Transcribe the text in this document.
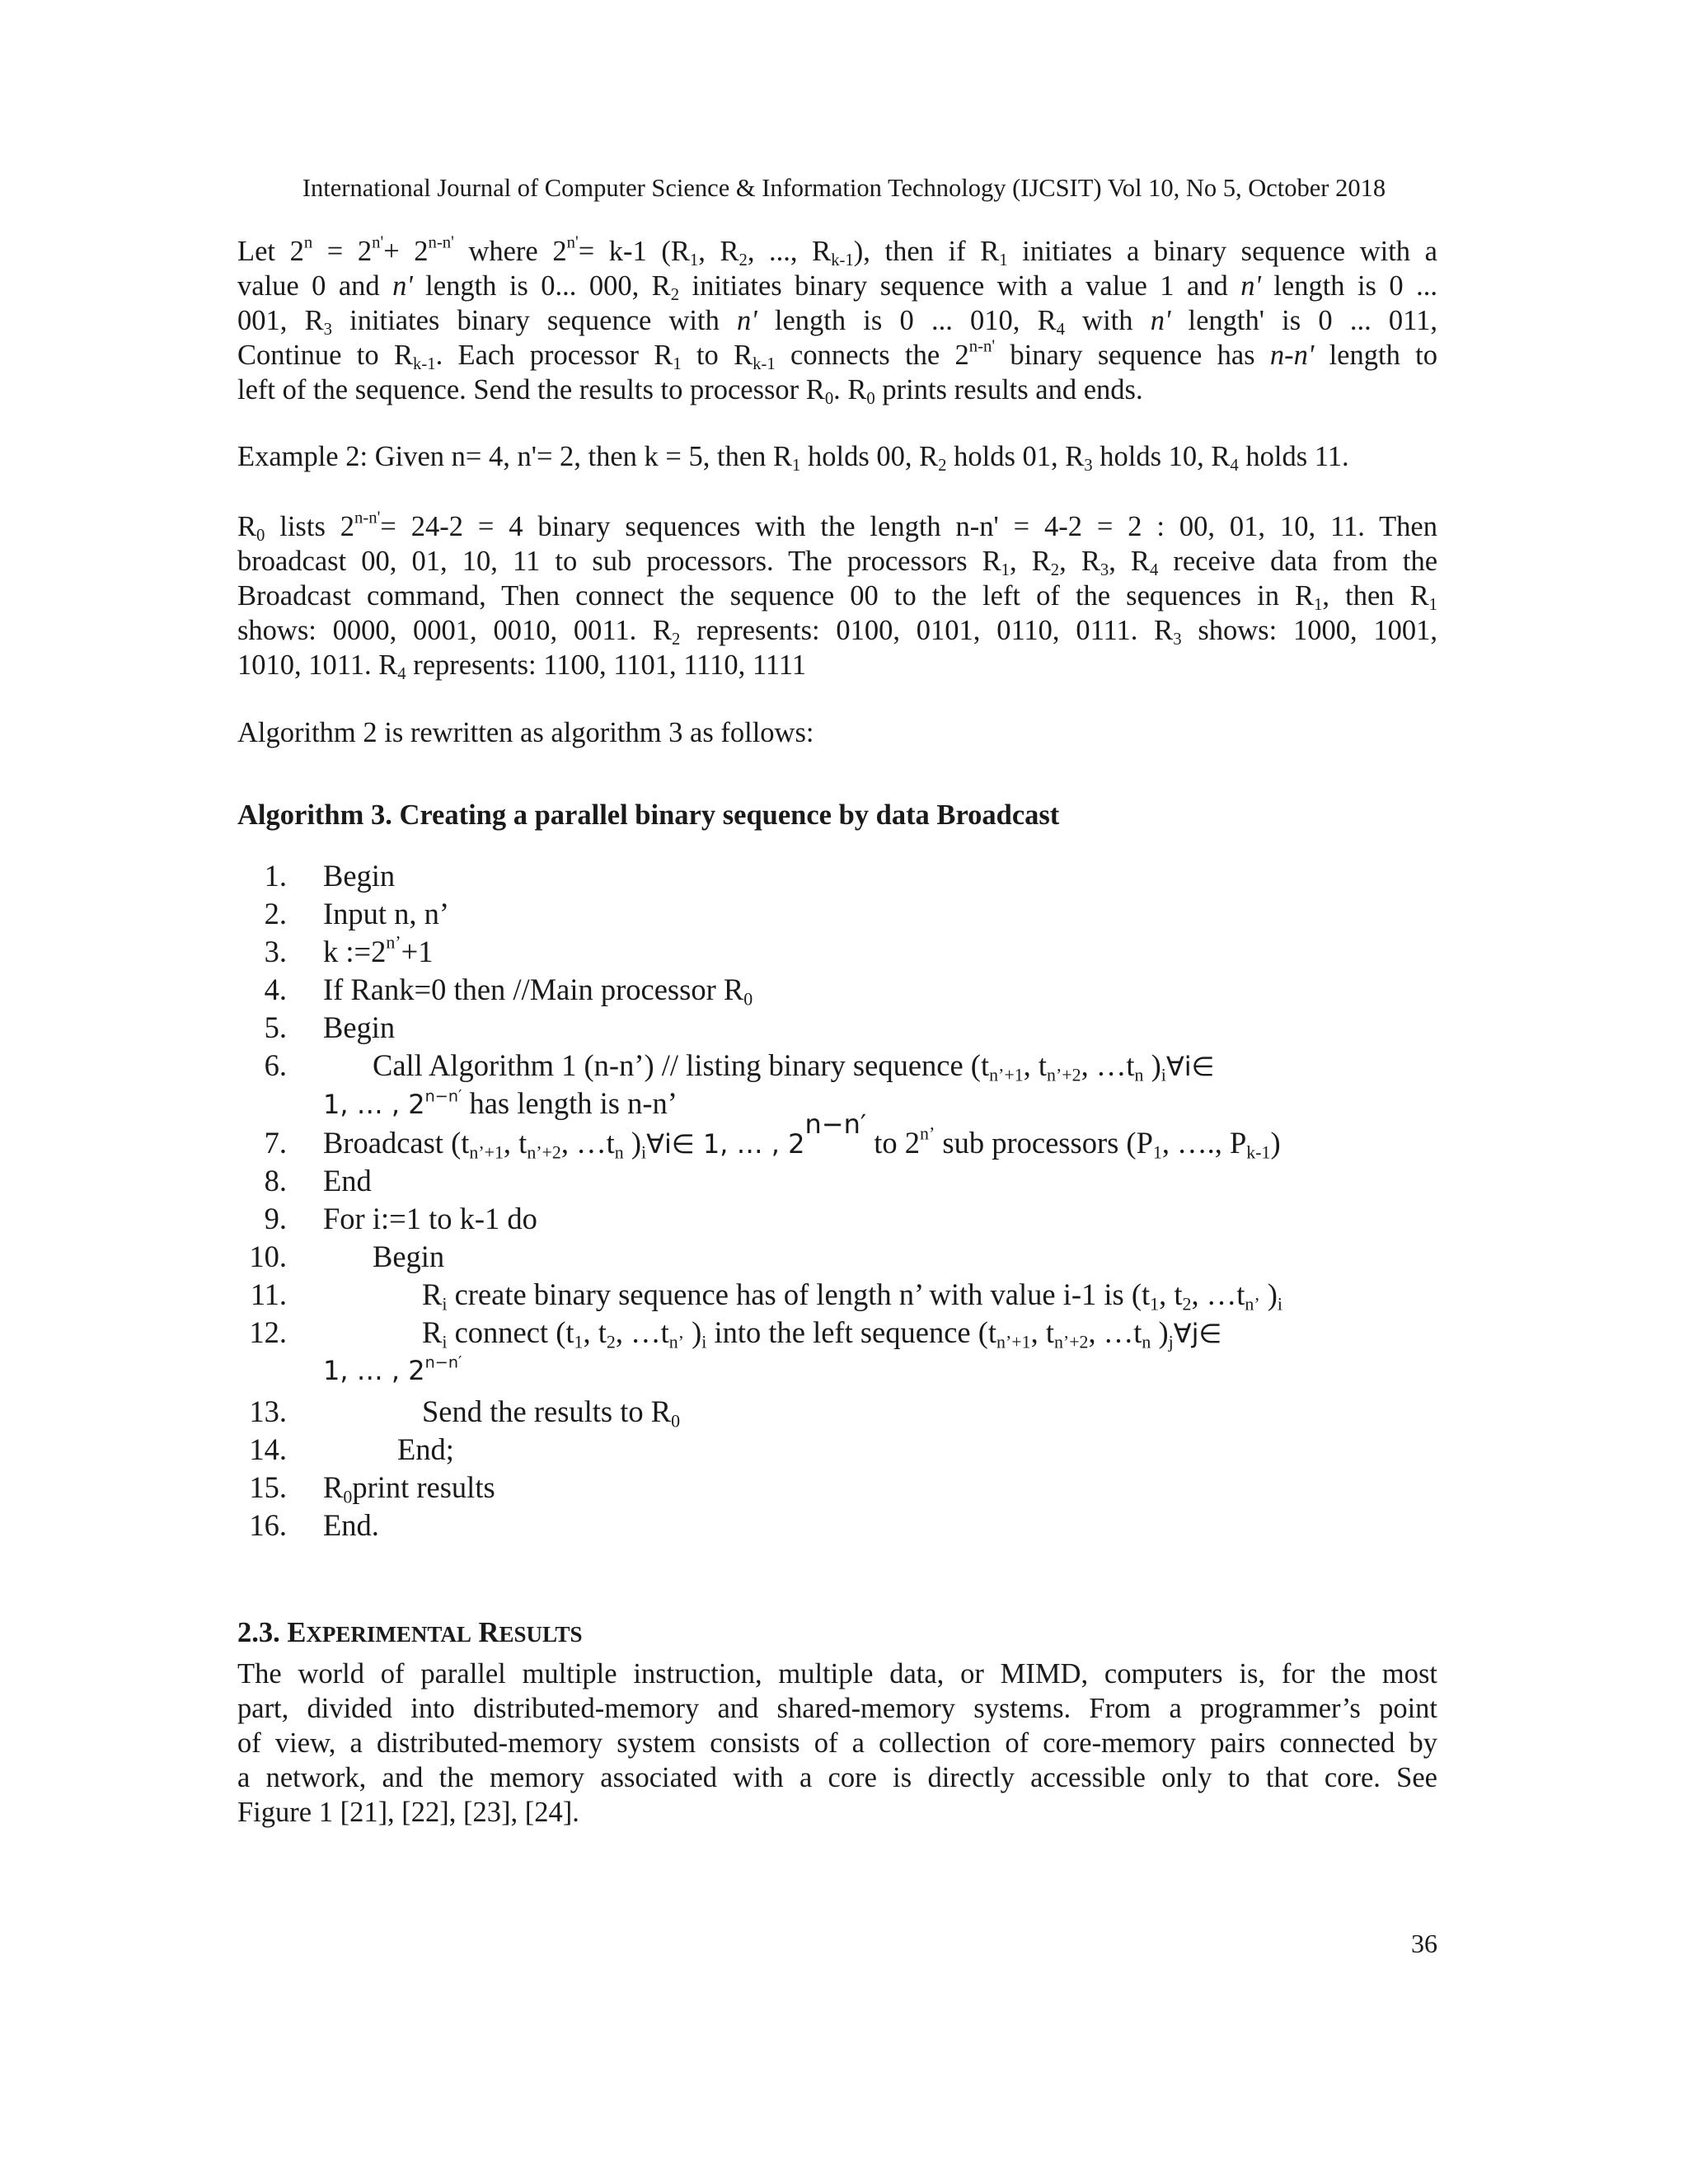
International Journal of Computer Science & Information Technology (IJCSIT) Vol 10, No 5, October 2018
Let $2^n = 2^{n'}+ 2^{n-n'}$ where $2^{n'}= k-1$ ($R_1$, $R_2$, ..., $R_{k-1}$), then if $R_1$ initiates a binary sequence with a
value 0 and n' length is 0... 000, $R_2$ initiates binary sequence with a value 1 and n' length is 0 ...
001, $R_3$ initiates binary sequence with n' length is 0 ... 010, $R_4$ with n' length' is 0 ... 011,
Continue to $R_{k-1}$. Each processor $R_1$ to $R_{k-1}$ connects the $2^{n-n'}$ binary sequence has n-n' length to
left of the sequence. Send the results to processor $R_0$. $R_0$ prints results and ends.
Example 2: Given n= 4, n'= 2, then k = 5, then $R_1$ holds 00, $R_2$ holds 01, $R_3$ holds 10, $R_4$ holds 11.
$R_0$ lists $2^{n-n'}= 24-2 = 4$ binary sequences with the length n-n' = 4-2 = 2 : 00, 01, 10, 11. Then
broadcast 00, 01, 10, 11 to sub processors. The processors $R_1$, $R_2$, $R_3$, $R_4$ receive data from the
Broadcast command, Then connect the sequence 00 to the left of the sequences in $R_1$, then $R_1$
shows: 0000, 0001, 0010, 0011. $R_2$ represents: 0100, 0101, 0110, 0111. $R_3$ shows: 1000, 1001,
1010, 1011. $R_4$ represents: 1100, 1101, 1110, 1111
Algorithm 2 is rewritten as algorithm 3 as follows:
Algorithm 3. Creating a parallel binary sequence by data Broadcast
1. Begin
2. Input n, n’
3. k $:=2^{n’}+1$
4. If Rank=0 then //Main processor $R_0$
5. Begin
6.	Call Algorithm 1 (n-n’) // listing binary sequence ($t_{n’+1}$, $t_{n’+2}$, $\dots t_n$ )$_i\forall i\in$
1, … , $2^{n-n'}$ has length is n-n’
7. Broadcast ($t_{n’+1}$, $t_{n’+2}$, $\dots t_n$ )$_i\forall i\in$ 1, … , $2^{n-n'}$ to $2^{n’}$ sub processors ($P_1$, …., $P_{k-1}$)
8. End
9. For i:=1 to k-1 do
10.	Begin
11.	$R_i$ create binary sequence has of length n’ with value i-1 is ($t_1$, $t_2$, $\dots t_{n’}$ )$_i$
12.	$R_i$ connect ($t_1$, $t_2$, $\dots t_{n’}$ )$_i$ into the left sequence ($t_{n’+1}$, $t_{n’+2}$, $\dots t_n$ )$_j\forall j\in$
1, … , $2^{n-n'}$
13.	Send the results to $R_0$
14.	End;
15. $R_0print$ results
16. End.
2.3. EXPERIMENTAL RESULTS
The world of parallel multiple instruction, multiple data, or MIMD, computers is, for the most
part, divided into distributed-memory and shared-memory systems. From a programmer’s point
of view, a distributed-memory system consists of a collection of core-memory pairs connected by
a network, and the memory associated with a core is directly accessible only to that core. See
Figure 1 [21], [22], [23], [24].
36
